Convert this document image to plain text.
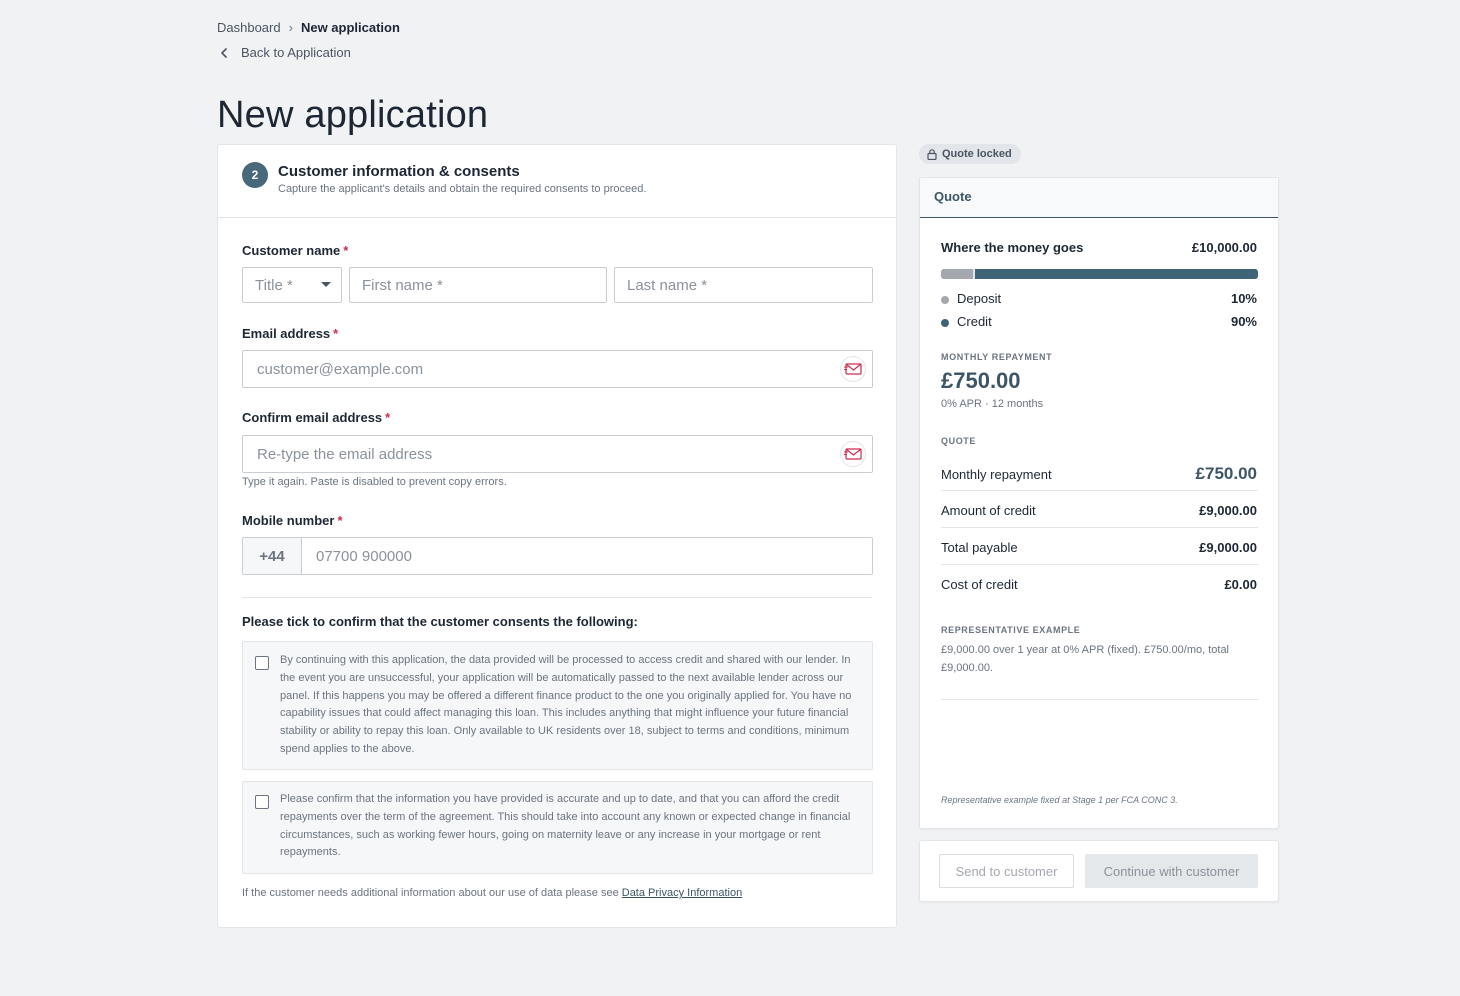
Dashboard › New application
Back to Application
New application
2	Customer information & consents
Capture the applicant's details and obtain the required consents to proceed.
Customer name *
Title *	First name *	Last name *
Email address *
customer@example.com
Confirm email address *
Re-type the email address
Type it again. Paste is disabled to prevent copy errors.
Mobile number *
+44	07700 900000
Please tick to confirm that the customer consents the following:
By continuing with this application, the data provided will be processed to access credit and shared with our lender. In the event you are unsuccessful, your application will be automatically passed to the next available lender across our panel. If this happens you may be offered a different finance product to the one you originally applied for. You have no capability issues that could affect managing this loan. This includes anything that might influence your future financial stability or ability to repay this loan. Only available to UK residents over 18, subject to terms and conditions, minimum spend applies to the above.
Please confirm that the information you have provided is accurate and up to date, and that you can afford the credit repayments over the term of the agreement. This should take into account any known or expected change in financial circumstances, such as working fewer hours, going on maternity leave or any increase in your mortgage or rent repayments.
If the customer needs additional information about our use of data please see Data Privacy Information
Quote locked
Quote
Where the money goes	£10,000.00
Deposit	10%
Credit	90%
MONTHLY REPAYMENT
£750.00
0% APR · 12 months
QUOTE
Monthly repayment	£750.00
Amount of credit	£9,000.00
Total payable	£9,000.00
Cost of credit	£0.00
REPRESENTATIVE EXAMPLE
£9,000.00 over 1 year at 0% APR (fixed). £750.00/mo, total £9,000.00.
Representative example fixed at Stage 1 per FCA CONC 3.
Send to customer	Continue with customer
